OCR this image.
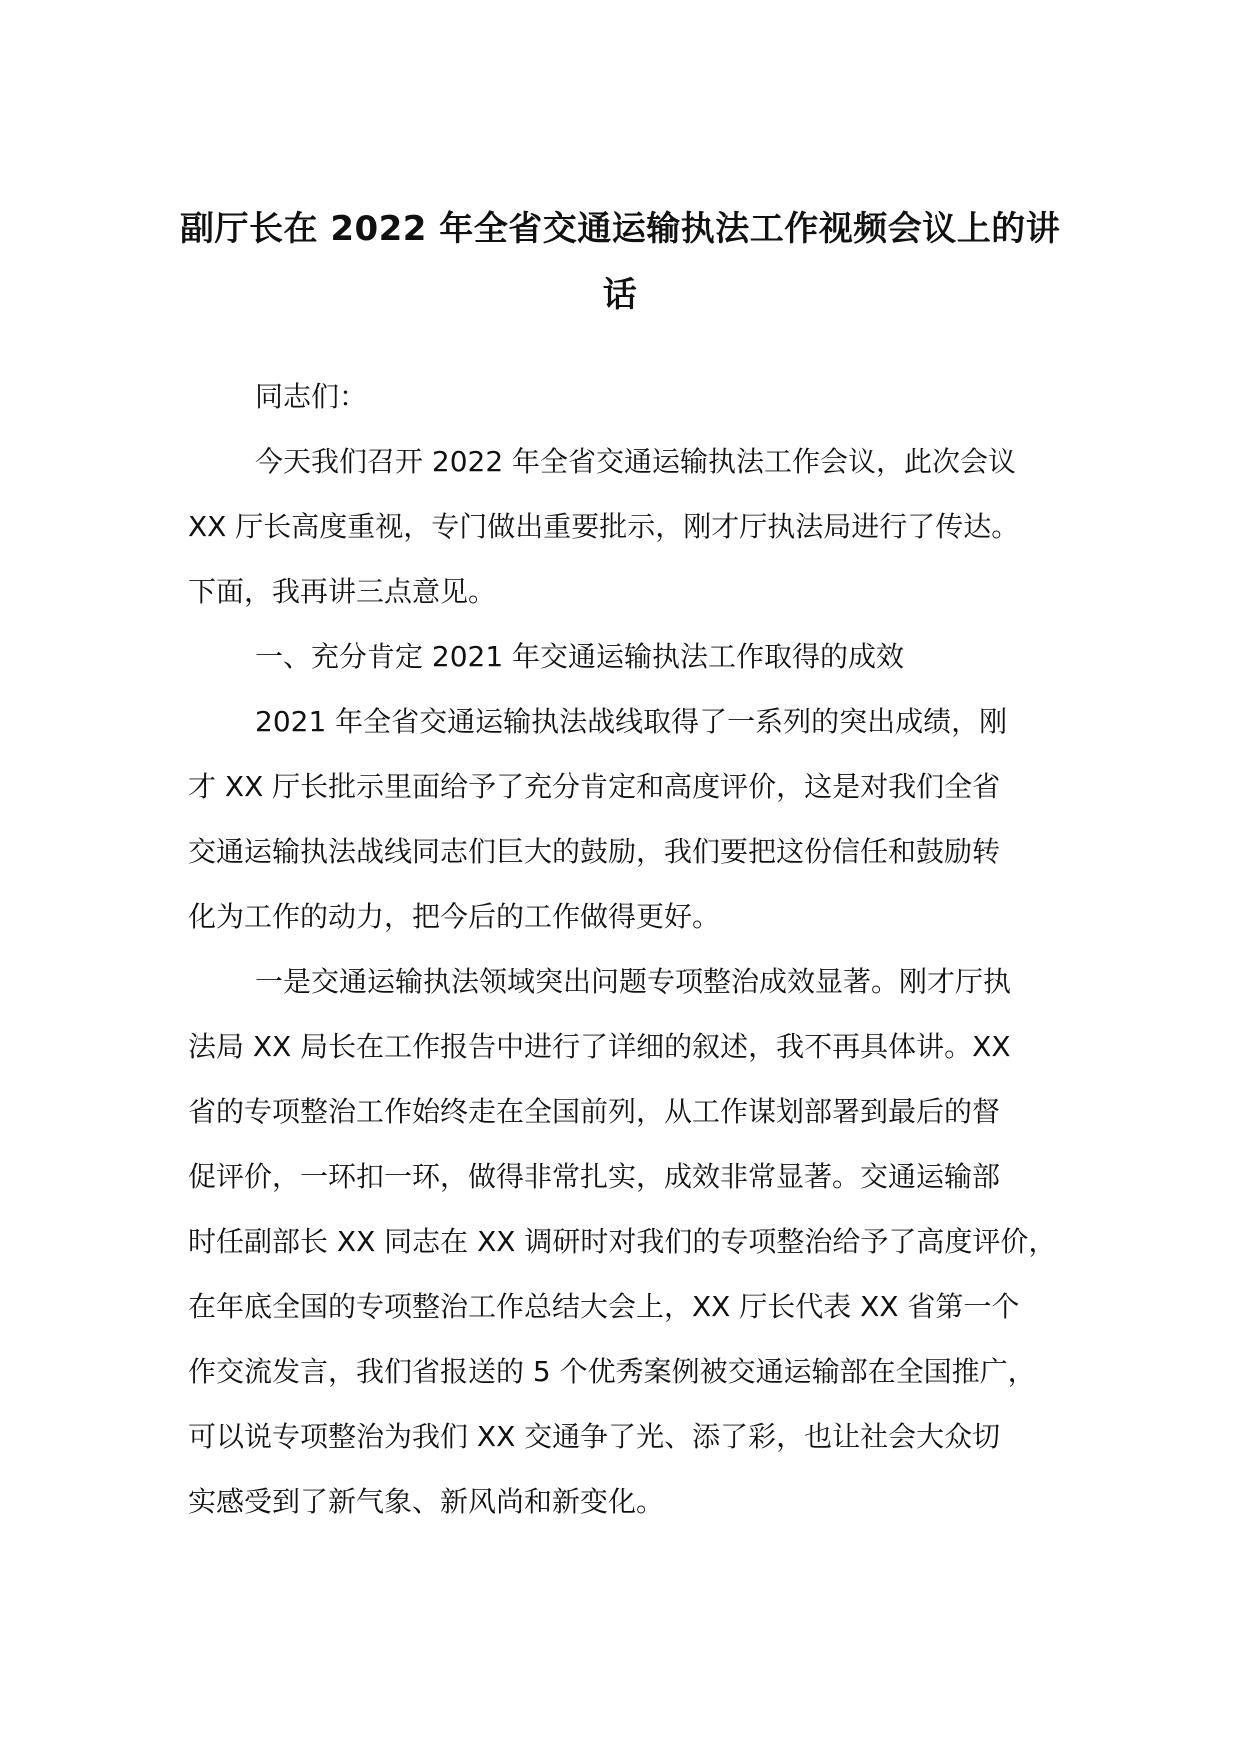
副厅长在 2022 年全省交通运输执法工作视频会议上的讲
话

同志们：

今天我们召开 2022 年全省交通运输执法工作会议，此次会议
XX 厅长高度重视，专门做出重要批示，刚才厅执法局进行了传达。
下面，我再讲三点意见。

一、充分肯定 2021 年交通运输执法工作取得的成效

2021 年全省交通运输执法战线取得了一系列的突出成绩，刚
才 XX 厅长批示里面给予了充分肯定和高度评价，这是对我们全省
交通运输执法战线同志们巨大的鼓励，我们要把这份信任和鼓励转
化为工作的动力，把今后的工作做得更好。

一是交通运输执法领域突出问题专项整治成效显著。刚才厅执
法局 XX 局长在工作报告中进行了详细的叙述，我不再具体讲。XX
省的专项整治工作始终走在全国前列，从工作谋划部署到最后的督
促评价，一环扣一环，做得非常扎实，成效非常显著。交通运输部
时任副部长 XX 同志在 XX 调研时对我们的专项整治给予了高度评价，
在年底全国的专项整治工作总结大会上，XX 厅长代表 XX 省第一个
作交流发言，我们省报送的 5 个优秀案例被交通运输部在全国推广，
可以说专项整治为我们 XX 交通争了光、添了彩，也让社会大众切
实感受到了新气象、新风尚和新变化。
